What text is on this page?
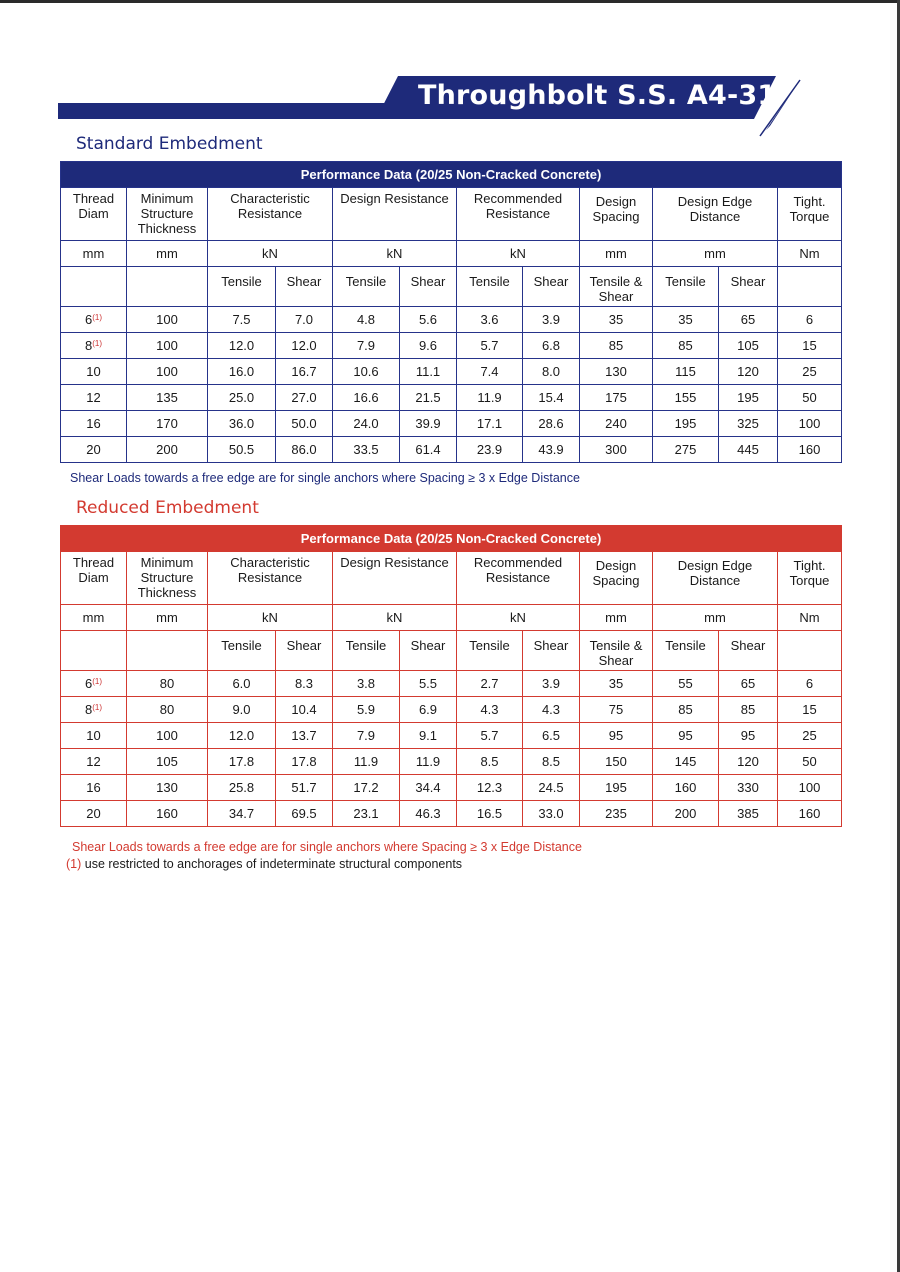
Throughbolt S.S. A4-316
Standard Embedment
Performance Data (20/25 Non-Cracked Concrete)											
Thread Diam	Minimum Structure Thickness	Characteristic Resistance		Design Resistance		Recommended Resistance		Design Spacing	Design Edge Distance		Tight. Torque
mm	mm	kN		kN		kN		mm	mm		Nm
		Tensile	Shear	Tensile	Shear	Tensile	Shear	Tensile & Shear	Tensile	Shear	
6$^{(1)}$	100	7.5	7.0	4.8	5.6	3.6	3.9	35	35	65	6
8$^{(1)}$	100	12.0	12.0	7.9	9.6	5.7	6.8	85	85	105	15
10	100	16.0	16.7	10.6	11.1	7.4	8.0	130	115	120	25
12	135	25.0	27.0	16.6	21.5	11.9	15.4	175	155	195	50
16	170	36.0	50.0	24.0	39.9	17.1	28.6	240	195	325	100
20	200	50.5	86.0	33.5	61.4	23.9	43.9	300	275	445	160
Shear Loads towards a free edge are for single anchors where Spacing ≥ 3 x Edge Distance
Reduced Embedment
Performance Data (20/25 Non-Cracked Concrete)											
Thread Diam	Minimum Structure Thickness	Characteristic Resistance		Design Resistance		Recommended Resistance		Design Spacing	Design Edge Distance		Tight. Torque
mm	mm	kN		kN		kN		mm	mm		Nm
		Tensile	Shear	Tensile	Shear	Tensile	Shear	Tensile & Shear	Tensile	Shear	
6$^{(1)}$	80	6.0	8.3	3.8	5.5	2.7	3.9	35	55	65	6
8$^{(1)}$	80	9.0	10.4	5.9	6.9	4.3	4.3	75	85	85	15
10	100	12.0	13.7	7.9	9.1	5.7	6.5	95	95	95	25
12	105	17.8	17.8	11.9	11.9	8.5	8.5	150	145	120	50
16	130	25.8	51.7	17.2	34.4	12.3	24.5	195	160	330	100
20	160	34.7	69.5	23.1	46.3	16.5	33.0	235	200	385	160
Shear Loads towards a free edge are for single anchors where Spacing ≥ 3 x Edge Distance
(1) use restricted to anchorages of indeterminate structural components
